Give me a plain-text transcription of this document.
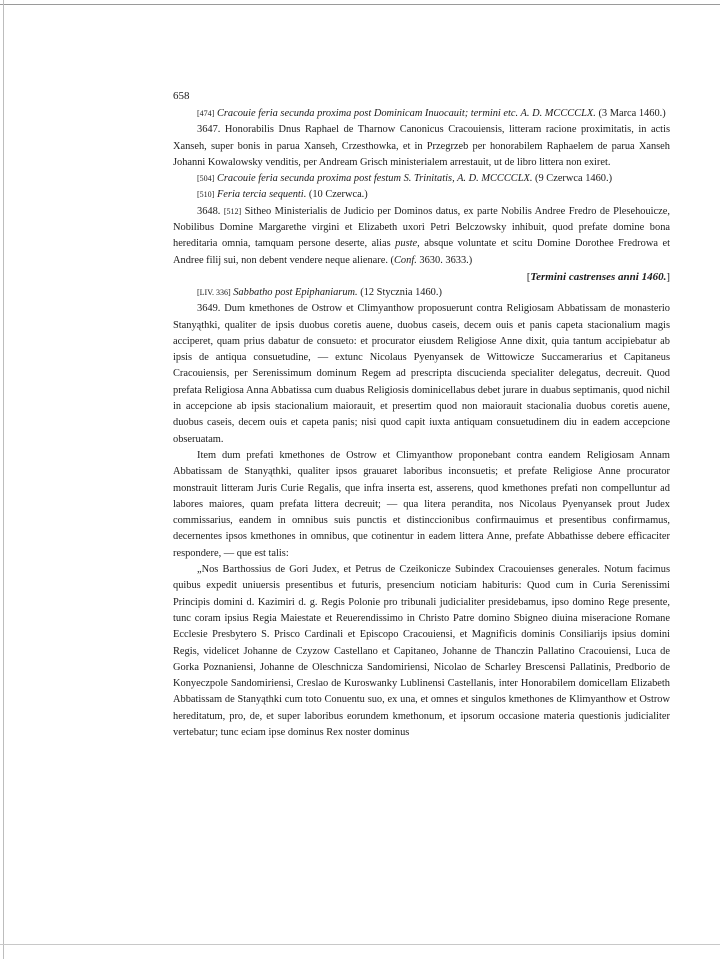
658

[474] Cracouie feria secunda proxima post Dominicam Inuocauit; termini etc. A. D. MCCCCLX. (3 Marca 1460.)

3647. Honorabilis Dnus Raphael de Tharnow Canonicus Cracouiensis, litteram racione proximitatis, in actis Xanseh, super bonis in parua Xanseh, Crzesthowka, et in Przegrzeb per honorabilem Raphaelem de parua Xanseh Johanni Kowalowsky venditis, per Andream Grisch ministerialem arrestauit, ut de libro littera non exiret.

[504] Cracouie feria secunda proxima post festum S. Trinitatis, A. D. MCCCCLX. (9 Czerwca 1460.)

[510] Feria tercia sequenti. (10 Czerwca.)

3648. [512] Sitheo Ministerialis de Judicio per Dominos datus, ex parte Nobilis Andree Fredro de Plesehouicze, Nobilibus Domine Margarethe virgini et Elizabeth uxori Petri Belczowsky inhibuit, quod prefate domine bona hereditaria omnia, tamquam persone deserte, alias puste, absque voluntate et scitu Domine Dorothee Fredrowa et Andree filij sui, non debent vendere neque alienare. (Conf. 3630. 3633.)

[Termini castrenses anni 1460.]

[LIV. 336] Sabbatho post Epiphaniarum. (12 Stycznia 1460.)

3649. Dum kmethones de Ostrow et Climyanthow proposuerunt contra Religiosam Abbatissam de monasterio Stanyąthki, qualiter de ipsis duobus coretis auene, duobus caseis, decem ouis et panis capeta stacionalium magis acciperet, quam prius dabatur de consueto: et procurator eiusdem Religiose Anne dixit, quia tantum accipiebatur ab ipsis de antiqua consuetudine, — extunc Nicolaus Pyenyansek de Wittowicze Succamerarius et Capitaneus Cracouiensis, per Serenissimum dominum Regem ad prescripta discucienda specialiter delegatus, decreuit. Quod prefata Religiosa Anna Abbatissa cum duabus Religiosis dominicellabus debet jurare in duabus septimanis, quod nichil in accepcione ab ipsis stacionalium maiorauit, et presertim quod non maiorauit stacionalia duobus coretis auene, duobus caseis, decem ouis et capeta panis; nisi quod capit iuxta antiquam consuetudinem diu in eadem accepcione obseruatam.

Item dum prefati kmethones de Ostrow et Climyanthow proponebant contra eandem Religiosam Annam Abbatissam de Stanyąthki, qualiter ipsos grauaret laboribus inconsuetis; et prefate Religiose Anne procurator monstrauit litteram Juris Curie Regalis, que infra inserta est, asserens, quod kmethones prefati non compelluntur ad labores maiores, quam prefata littera decreuit; — qua litera perandita, nos Nicolaus Pyenyansek prout Judex commissarius, eandem in omnibus suis punctis et distinccionibus confirmauimus et presentibus confirmamus, decernentes ipsos kmethones in omnibus, que cotinentur in eadem littera Anne, prefate Abbathisse debere efficaciter respondere, — que est talis:

„Nos Barthossius de Gori Judex, et Petrus de Czeikonicze Subindex Cracouienses generales. Notum facimus quibus expedit uniuersis presentibus et futuris, presencium noticiam habituris: Quod cum in Curia Serenissimi Principis domini d. Kazimiri d. g. Regis Polonie pro tribunali judicialiter presidebamus, ipso domino Rege presente, tunc coram ipsius Regia Maiestate et Reuerendissimo in Christo Patre domino Sbigneo diuina miseracione Romane Ecclesie Presbytero S. Prisco Cardinali et Episcopo Cracouiensi, et Magnificis dominis Consiliarijs ipsius domini Regis, videlicet Johanne de Czyzow Castellano et Capitaneo, Johanne de Thanczin Pallatino Cracouiensi, Luca de Gorka Poznaniensi, Johanne de Oleschnicza Sandomiriensi, Nicolao de Scharley Brescensi Pallatinis, Predborio de Konyeczpole Sandomiriensi, Creslao de Kuroswanky Lublinensi Castellanis, inter Honorabilem domicellam Elizabeth Abbatissam de Stanyąthki cum toto Conuentu suo, ex una, et omnes et singulos kmethones de Klimyanthow et Ostrow hereditatum, pro, de, et super laboribus eorundem kmethonum, et ipsorum occasione materia questionis judicialiter vertebatur; tunc eciam ipse dominus Rex noster dominus
